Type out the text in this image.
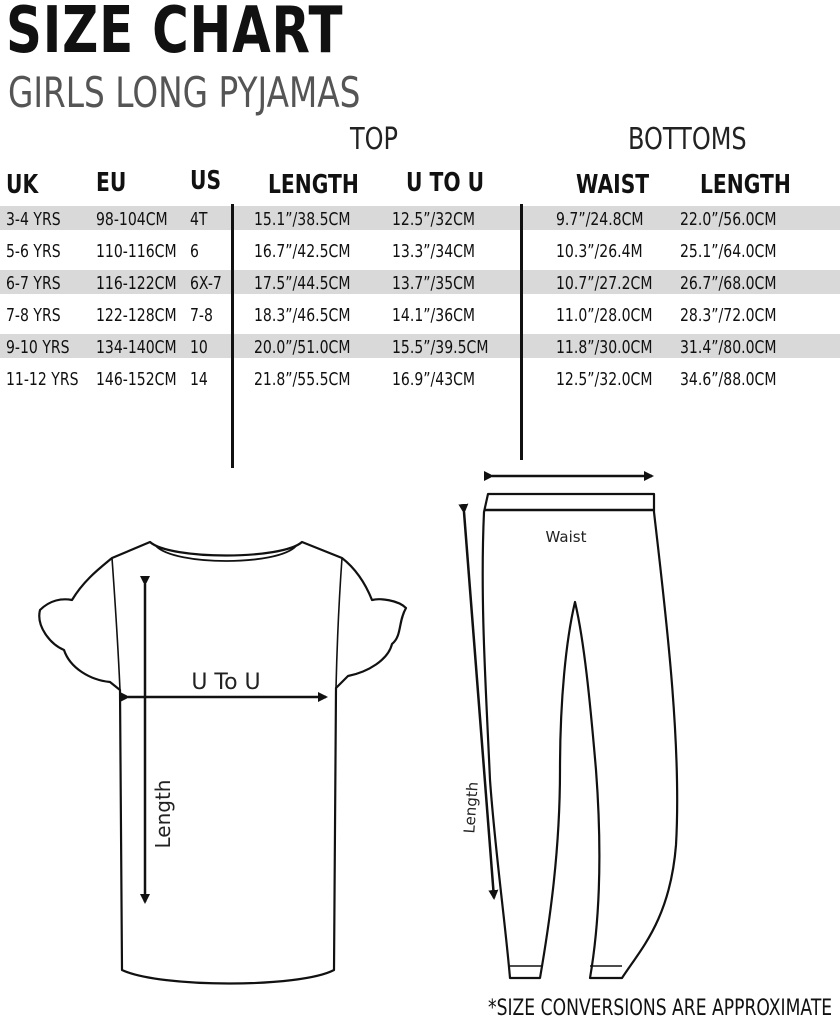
SIZE CHART
GIRLS LONG PYJAMAS
TOP	BOTTOMS
UK EU US LENGTH U TO U	WAIST LENGTH
3-4 YRS 98-104CM 4T	15.1”/38.5CM 12.5”/32CM	9.7”/24.8CM 22.0”/56.0CM
5-6 YRS 110-116CM 6	16.7”/42.5CM 13.3”/34CM	10.3”/26.4M 25.1”/64.0CM
6-7 YRS 116-122CM 6X-7 17.5”/44.5CM 13.7”/35CM	10.7”/27.2CM 26.7”/68.0CM
7-8 YRS 122-128CM 7-8 18.3”/46.5CM 14.1”/36CM	11.0”/28.0CM 28.3”/72.0CM
9-10 YRS 134-140CM 10	20.0”/51.0CM 15.5”/39.5CM	11.8”/30.0CM 31.4”/80.0CM
11-12 YRS 146-152CM 14	21.8”/55.5CM 16.9”/43CM	12.5”/32.0CM 34.6”/88.0CM
U To U
Length
Waist
Length
*SIZE CONVERSIONS ARE APPROXIMATE
